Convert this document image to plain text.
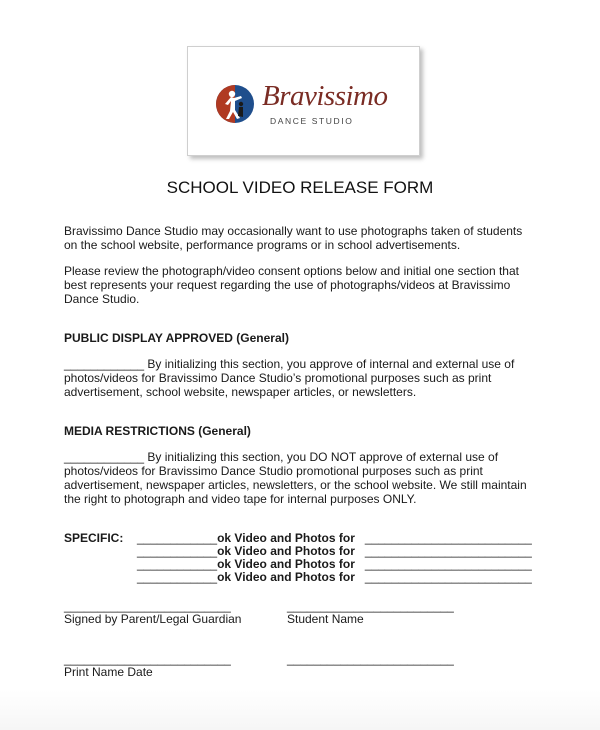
Bravissimo
DANCE STUDIO
SCHOOL VIDEO RELEASE FORM
Bravissimo Dance Studio may occasionally want to use photographs taken of students
on the school website, performance programs or in school advertisements.
Please review the photograph/video consent options below and initial one section that
best represents your request regarding the use of photographs/videos at Bravissimo
Dance Studio.
PUBLIC DISPLAY APPROVED (General)
____________ By initializing this section, you approve of internal and external use of
photos/videos for Bravissimo Dance Studio’s promotional purposes such as print
advertisement, school website, newspaper articles, or newsletters.
MEDIA RESTRICTIONS (General)
____________ By initializing this section, you DO NOT approve of external use of
photos/videos for Bravissimo Dance Studio promotional purposes such as print
advertisement, newspaper articles, newsletters, or the school website. We still maintain
the right to photograph and video tape for internal purposes ONLY.
SPECIFIC: ____________ok Video and Photos for _________________________
____________ok Video and Photos for _________________________
____________ok Video and Photos for _________________________
____________ok Video and Photos for _________________________
_________________________	_________________________
Signed by Parent/Legal Guardian	Student Name
_________________________	_________________________
Print Name Date
